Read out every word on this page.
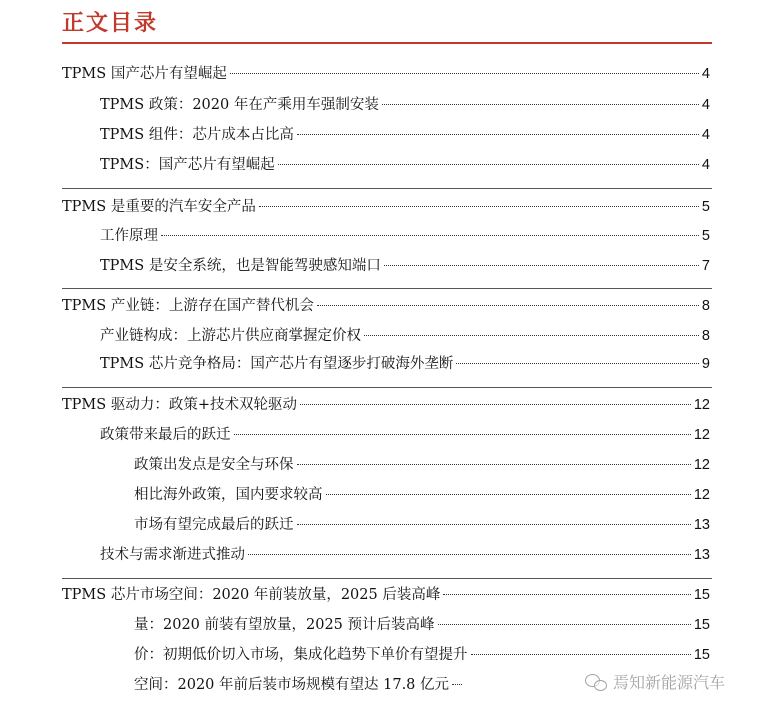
正文目录
TPMS 国产芯片有望崛起	4
TPMS 政策：2020 年在产乘用车强制安装	4
TPMS 组件：芯片成本占比高	4
TPMS：国产芯片有望崛起	4
TPMS 是重要的汽车安全产品	5
工作原理	5
TPMS 是安全系统，也是智能驾驶感知端口	7
TPMS 产业链：上游存在国产替代机会	8
产业链构成：上游芯片供应商掌握定价权	8
TPMS 芯片竞争格局：国产芯片有望逐步打破海外垄断	9
TPMS 驱动力：政策+技术双轮驱动	12
政策带来最后的跃迁	12
政策出发点是安全与环保	12
相比海外政策，国内要求较高	12
市场有望完成最后的跃迁	13
技术与需求渐进式推动	13
TPMS 芯片市场空间：2020 年前装放量，2025 后装高峰	15
量：2020 前装有望放量，2025 预计后装高峰	15
价：初期低价切入市场，集成化趋势下单价有望提升	15
空间：2020 年前后装市场规模有望达 17.8 亿元	焉知新能源汽车
